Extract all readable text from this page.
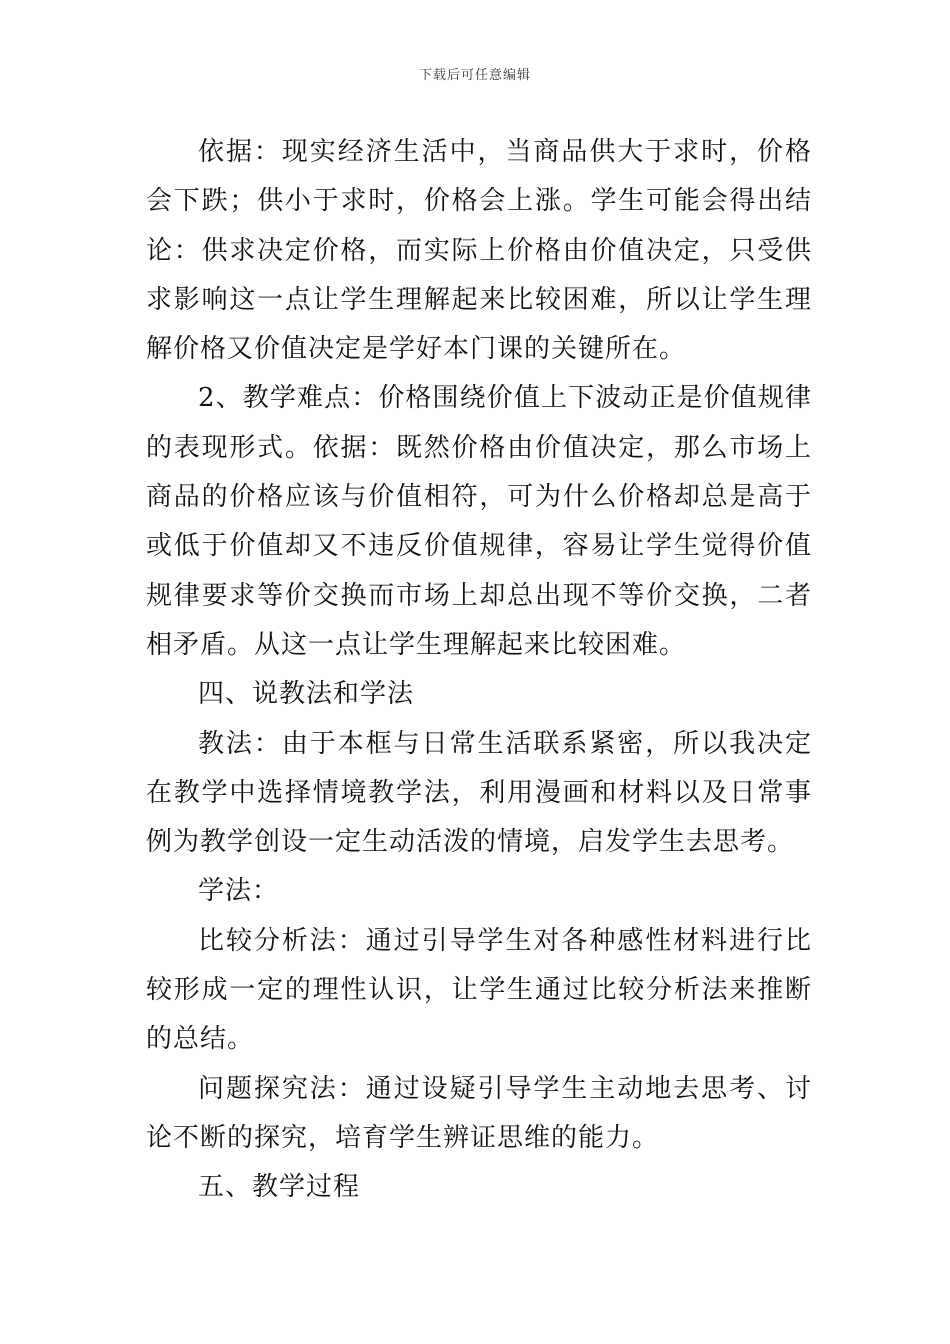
下载后可任意编辑

依据：现实经济生活中，当商品供大于求时，价格会下跌；供小于求时，价格会上涨。学生可能会得出结论：供求决定价格，而实际上价格由价值决定，只受供求影响这一点让学生理解起来比较困难，所以让学生理解价格又价值决定是学好本门课的关键所在。

2、教学难点：价格围绕价值上下波动正是价值规律的表现形式。依据：既然价格由价值决定，那么市场上商品的价格应该与价值相符，可为什么价格却总是高于或低于价值却又不违反价值规律，容易让学生觉得价值规律要求等价交换而市场上却总出现不等价交换，二者相矛盾。从这一点让学生理解起来比较困难。

四、说教法和学法

教法：由于本框与日常生活联系紧密，所以我决定在教学中选择情境教学法，利用漫画和材料以及日常事例为教学创设一定生动活泼的情境，启发学生去思考。

学法：

比较分析法：通过引导学生对各种感性材料进行比较形成一定的理性认识，让学生通过比较分析法来推断的总结。

问题探究法：通过设疑引导学生主动地去思考、讨论不断的探究，培育学生辨证思维的能力。

五、教学过程
